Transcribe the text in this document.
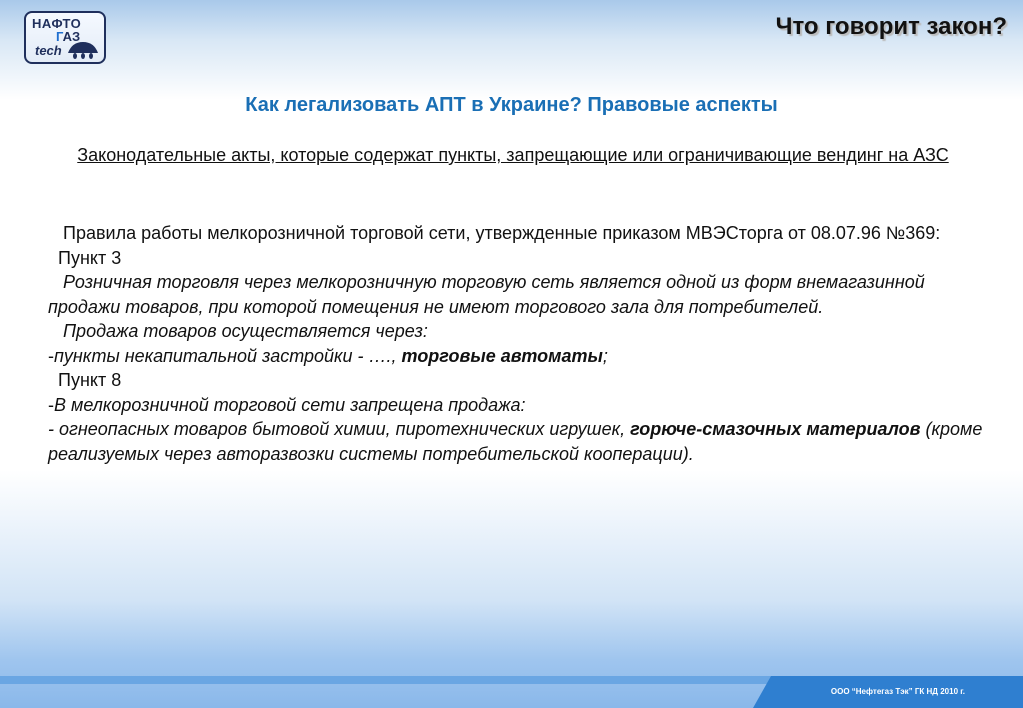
НАФТО
ГАЗ
tech
Что говорит закон?
Как легализовать АПТ в Украине? Правовые аспекты

Законодательные акты, которые содержат пункты, запрещающие или ограничивающие вендинг на АЗС

Правила работы мелкорозничной торговой сети, утвержденные приказом МВЭСторга от 08.07.96 №369:

Пункт 3

Розничная торговля через мелкорозничную торговую сеть является одной из форм внемагазинной продажи товаров, при которой помещения не имеют торгового зала для потребителей.

Продажа товаров осуществляется через:

-пункты некапитальной застройки - …., торговые автоматы;

Пункт 8

-В мелкорозничной торговой сети запрещена продажа:

- огнеопасных товаров бытовой химии, пиротехнических игрушек, горюче-смазочных материалов (кроме реализуемых через авторазвозки системы потребительской кооперации).

ООО “Нефтегаз Тэк” ГК НД 2010 г.
